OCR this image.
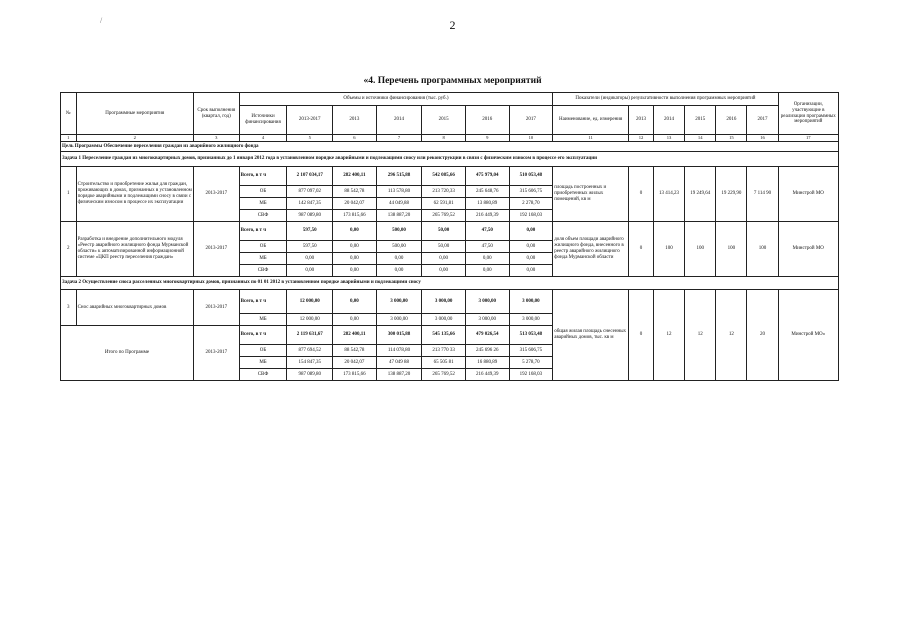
2
/
«4. Перечень программных мероприятий
№	Программные мероприятия	Срок выполнения (квартал, год)	Объемы и источники финансирования (тыс. руб.)							Показатели (индикаторы) результативности выполнения программных мероприятий						Организации, участвующие в реализации программных мероприятий
			Источники финансирования	2013-2017	2013	2014	2015	2016	2017	Наименование, ед. измерения	2013	2014	2015	2016	2017	
1	2	3	4	5	6	7	8	9	10	11	12	13	14	15	16	17
Цель Программы Обеспечение переселения граждан из аварийного жилищного фонда																
Задача 1 Переселение граждан из многоквартирных домов, признанных до 1 января 2012 года в установленном порядке аварийными и подлежащими сносу или реконструкции в связи с физическим износом в процессе его эксплуатации																
1	Строительство и приобретение жилья для граждан, проживающих в домах, признанных в установленном порядке аварийными и подлежащими сносу в связи с физическим износом в процессе их эксплуатации	2013-2017	Всего, в т ч	2 107 034,17	282 400,11	296 515,88	542 085,66	475 979,04	510 053,48	площадь построенных и приобретенных жилых помещений, кв м	0	13 414,23	19 249,64	19 229,90	7 114 90	Минстрой МО
			ОБ	877 097,02	88 542,78	113 578,80	213 720,33	245 648,76	315 606,75							
			МБ	142 847,35	20 042,07	44 049,88	62 591,81	13 880,89	2 278,70							
			СВФ	987 089,80	173 815,66	138 887,20	265 769,52	216 449,39	192 168,03							
2	Разработка и внедрение дополнительного модуля «Реестр аварийного жилищного фонда Мурманской области» к автоматизированной информационной системе «ЦКП реестр переселения граждан»	2013-2017	Всего, в т ч	597,50	0,00	500,00	50,00	47,50	0,00	доля объем площади аварийного жилищного фонда, внесенного в реестр аварийного жилищного фонда Мурманской области	0	100	100	100	100	Минстрой МО
			ОБ	597,50	0,00	500,00	50,00	47,50	0,00							
			МБ	0,00	0,00	0,00	0,00	0,00	0,00							
			СВФ	0,00	0,00	0,00	0,00	0,00	0,00							
Задача 2 Осуществление сноса расселенных многоквартирных домов, признанных по 01 01 2012 в установленном порядке аварийными и подлежащими сносу																
3	Снос аварийных многоквартирных домов	2013-2017	Всего, в т ч	12 000,00	0,00	3 000,00	3 000,00	3 000,00	3 000,00	общая жилая площадь снесенных аварийных домов, тыс. кв м	0	12	12	12	20	Минстрой МО»
			МБ	12 000,00	0,00	3 000,00	3 000,00	3 000,00	3 000,00							
Итого по Программе		2013-2017	Всего, в т ч	2 119 631,67	282 400,11	300 015,88	545 135,66	479 026,54	513 053,48							
			ОБ	877 694,52	88 542,78	114 078,80	213 770 33	245 696 26	315 606,75							
			МБ	154 847,35	20 042,07	47 049 88	65 505 81	16 880,89	5 278,70							
			СВФ	987 089,80	173 815,66	138 887,20	265 769,52	216 449,39	192 168,03							
